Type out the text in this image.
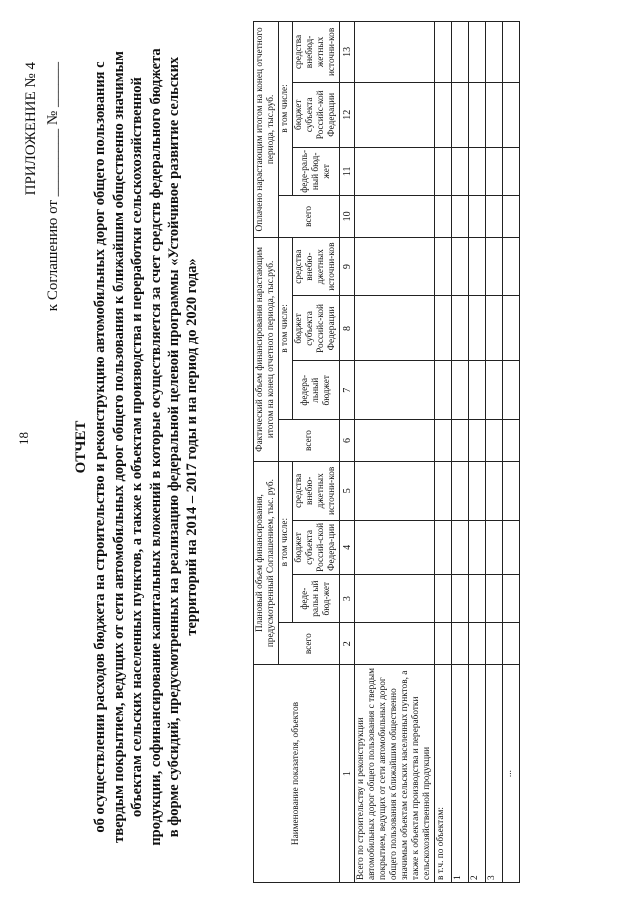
18
ПРИЛОЖЕНИЕ № 4 к Соглашению от _________ № ______
ОТЧЕТ об осуществлении расходов бюджета на строительство и реконструкцию автомобильных дорог общего пользования с твердым покрытием, ведущих от сети автомобильных дорог общего пользования к ближайшим общественно значимым объектам сельских населенных пунктов, а также к объектам производства и переработки сельскохозяйственной продукции, софинансирование капитальных вложений в которые осуществляется за счет средств федерального бюджета в форме субсидий, предусмотренных на реализацию федеральной целевой программы «Устойчивое развитие сельских территорий на 2014 – 2017 годы и на период до 2020 года»
Наименование показателя, объектов	Плановый объем финансирования, предусмотренный Соглашением, тыс. руб.				Фактический объем финансирования нарастающим итогом на конец отчетного периода, тыс.руб.				Оплачено нарастающим итогом на конец отчетного периода, тыс.руб.			
	всего	в том числе:			всего	в том числе:			всего	в том числе:		
		феде-ральн ый бюд-жет	бюджет субъекта Россий-ской Федера-ции	средства внебю-джетных источни-ков		федера-льный бюджет	бюджет субъекта Российс-кой Федерации	средства внебю-джетных источни-ков		феде-раль-ный бюд-жет	бюджет субъекта Российс-кой Федерации	средства внебюд-жетных источни-ков
1	2	3	4	5	6	7	8	9	10	11	12	13
Всего по строительству и реконструкции автомобильных дорог общего пользования с твердым покрытием, ведущих от сети автомобильных дорог общего пользования к ближайшим общественно значимым объектам сельских населенных пунктов, а также к объектам производства и переработки сельскохозяйственной продукции												
в т.ч. по объектам:												
1												
2												
3												
...												
